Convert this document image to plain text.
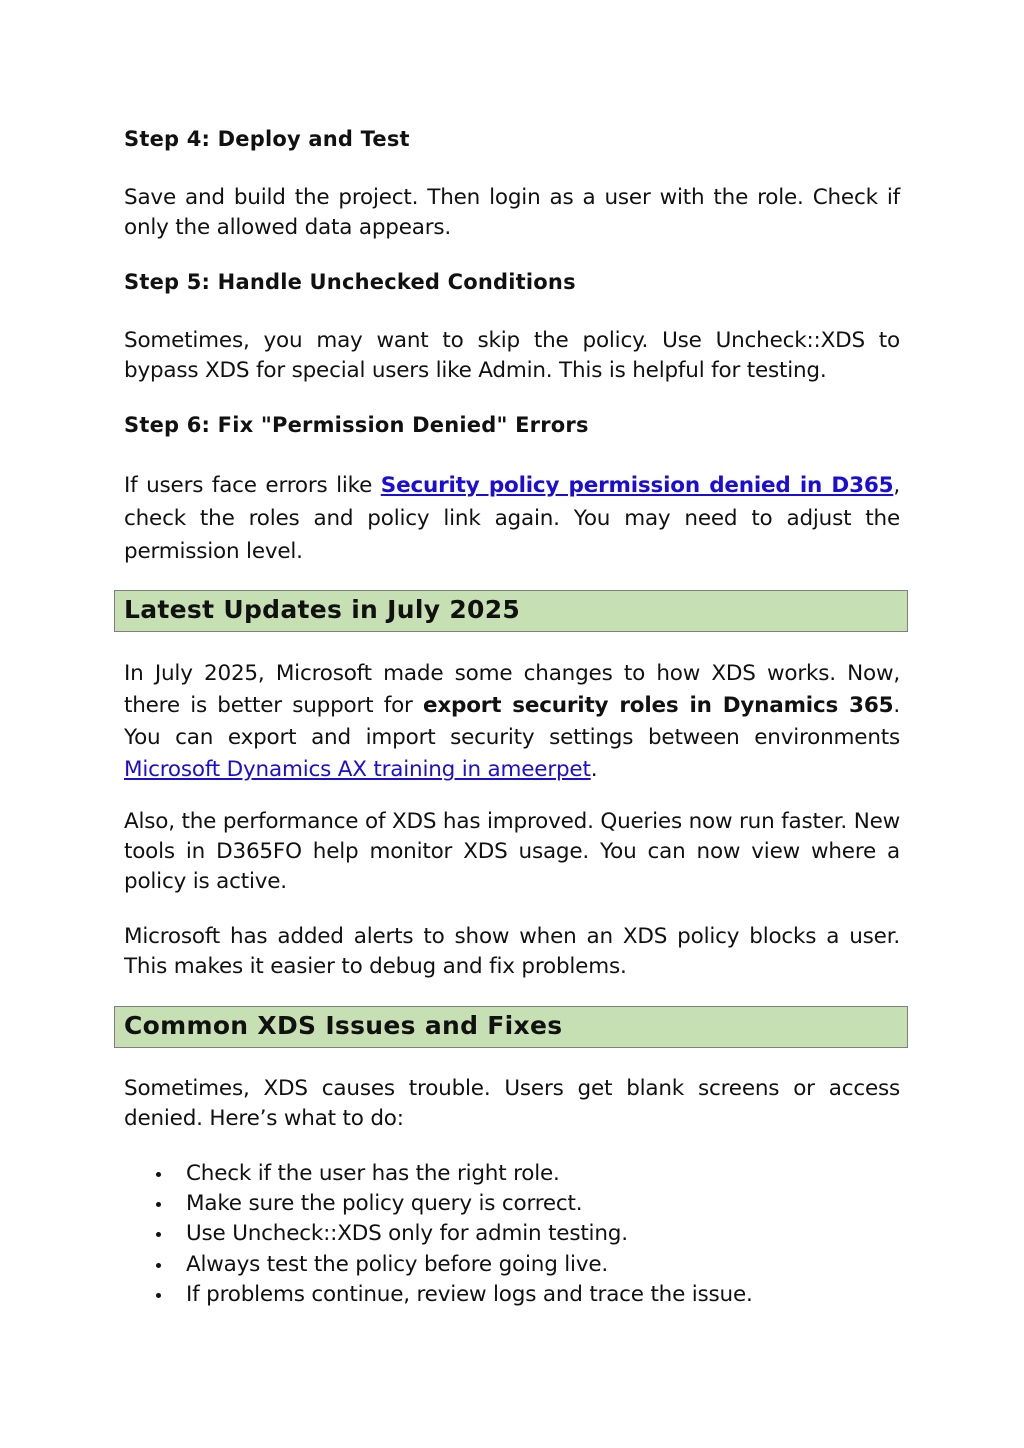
Step 4: Deploy and Test

Save and build the project. Then login as a user with the role. Check if only the allowed data appears.

Step 5: Handle Unchecked Conditions

Sometimes, you may want to skip the policy. Use Uncheck::XDS to bypass XDS for special users like Admin. This is helpful for testing.

Step 6: Fix "Permission Denied" Errors

If users face errors like Security policy permission denied in D365, check the roles and policy link again. You may need to adjust the permission level.

Latest Updates in July 2025

In July 2025, Microsoft made some changes to how XDS works. Now, there is better support for export security roles in Dynamics 365. You can export and import security settings between environments Microsoft Dynamics AX training in ameerpet.

Also, the performance of XDS has improved. Queries now run faster. New tools in D365FO help monitor XDS usage. You can now view where a policy is active.

Microsoft has added alerts to show when an XDS policy blocks a user. This makes it easier to debug and fix problems.

Common XDS Issues and Fixes

Sometimes, XDS causes trouble. Users get blank screens or access denied. Here’s what to do:

Check if the user has the right role.
Make sure the policy query is correct.
Use Uncheck::XDS only for admin testing.
Always test the policy before going live.
If problems continue, review logs and trace the issue.
